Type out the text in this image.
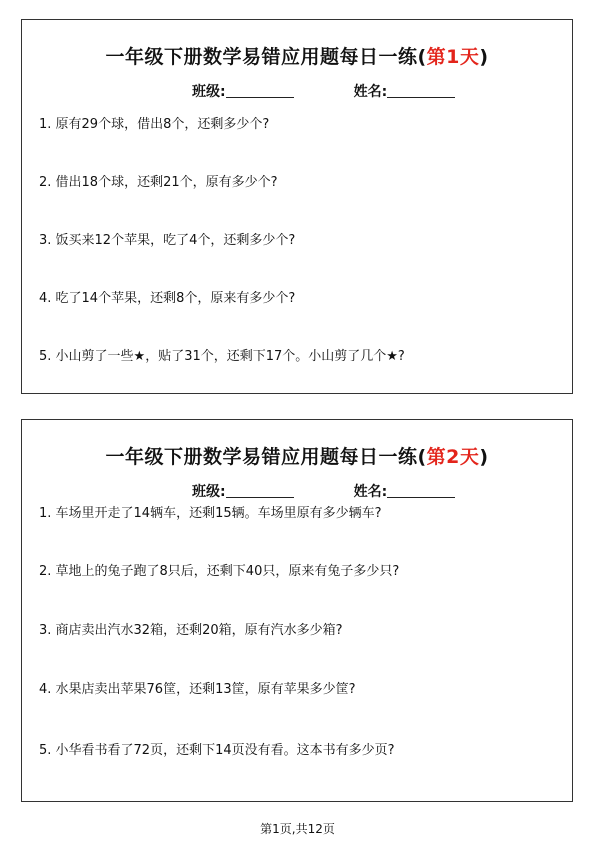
一年级下册数学易错应用题每日一练(第1天)
班级:	姓名:
1. 原有29个球，借出8个，还剩多少个?
2. 借出18个球，还剩21个，原有多少个?
3. 饭买来12个苹果，吃了4个，还剩多少个?
4. 吃了14个苹果，还剩8个，原来有多少个?
5. 小山剪了一些★，贴了31个，还剩下17个。小山剪了几个★?
一年级下册数学易错应用题每日一练(第2天)
班级:	姓名:
1. 车场里开走了14辆车，还剩15辆。车场里原有多少辆车?
2. 草地上的兔子跑了8只后，还剩下40只，原来有兔子多少只?
3. 商店卖出汽水32箱，还剩20箱，原有汽水多少箱?
4. 水果店卖出苹果76筐，还剩13筐，原有苹果多少筐?
5. 小华看书看了72页，还剩下14页没有看。这本书有多少页?
第1页,共12页
